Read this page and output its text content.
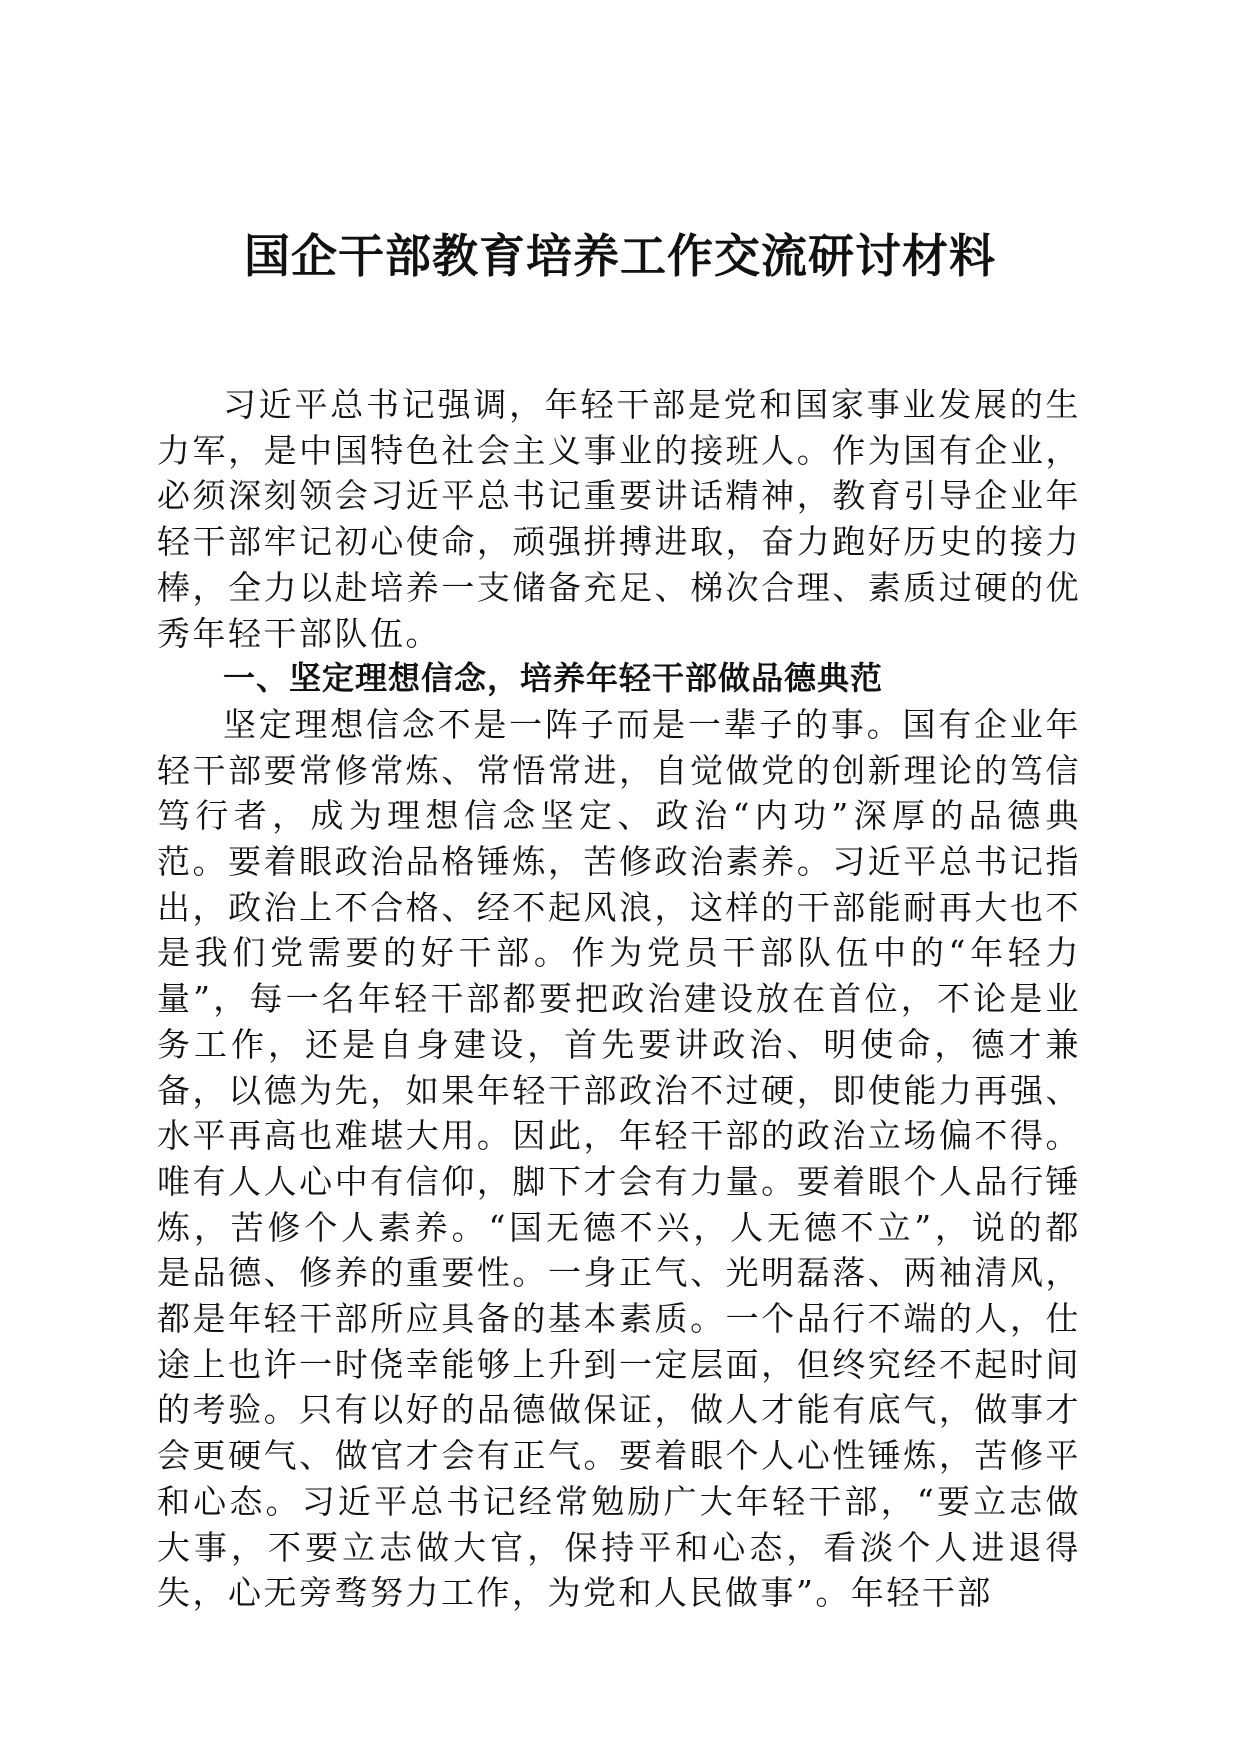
国企干部教育培养工作交流研讨材料

习近平总书记强调，年轻干部是党和国家事业发展的生力军，是中国特色社会主义事业的接班人。作为国有企业，必须深刻领会习近平总书记重要讲话精神，教育引导企业年轻干部牢记初心使命，顽强拼搏进取，奋力跑好历史的接力棒，全力以赴培养一支储备充足、梯次合理、素质过硬的优秀年轻干部队伍。

一、坚定理想信念，培养年轻干部做品德典范

坚定理想信念不是一阵子而是一辈子的事。国有企业年轻干部要常修常炼、常悟常进，自觉做党的创新理论的笃信笃行者，成为理想信念坚定、政治“内功”深厚的品德典范。要着眼政治品格锤炼，苦修政治素养。习近平总书记指出，政治上不合格、经不起风浪，这样的干部能耐再大也不是我们党需要的好干部。作为党员干部队伍中的“年轻力量”，每一名年轻干部都要把政治建设放在首位，不论是业务工作，还是自身建设，首先要讲政治、明使命，德才兼备，以德为先，如果年轻干部政治不过硬，即使能力再强、水平再高也难堪大用。因此，年轻干部的政治立场偏不得。唯有人人心中有信仰，脚下才会有力量。要着眼个人品行锤炼，苦修个人素养。“国无德不兴，人无德不立”，说的都是品德、修养的重要性。一身正气、光明磊落、两袖清风，都是年轻干部所应具备的基本素质。一个品行不端的人，仕途上也许一时侥幸能够上升到一定层面，但终究经不起时间的考验。只有以好的品德做保证，做人才能有底气，做事才会更硬气、做官才会有正气。要着眼个人心性锤炼，苦修平和心态。习近平总书记经常勉励广大年轻干部，“要立志做大事，不要立志做大官，保持平和心态，看淡个人进退得失，心无旁骛努力工作，为党和人民做事”。年轻干部
